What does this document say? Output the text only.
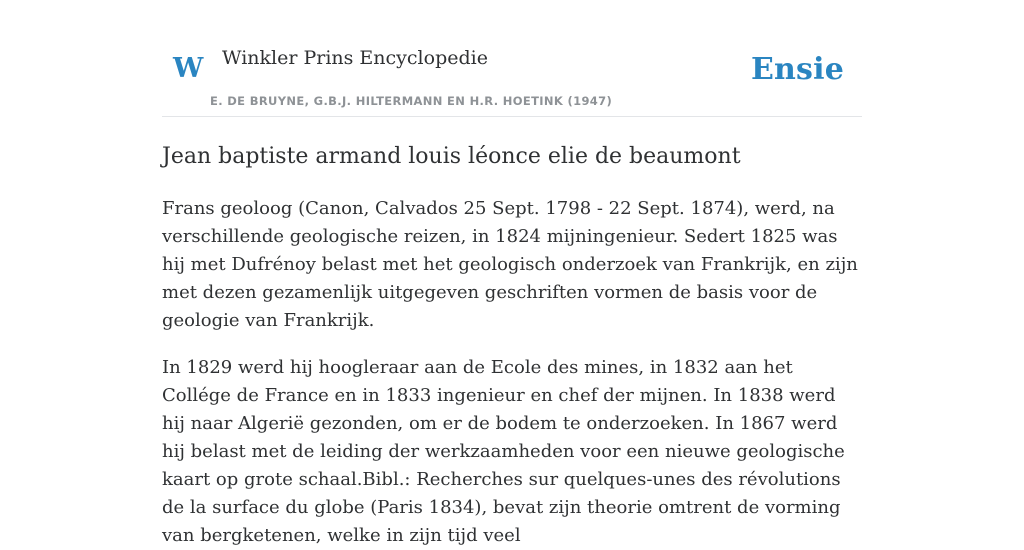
W Winkler Prins Encyclopedie
E. DE BRUYNE, G.B.J. HILTERMANN EN H.R. HOETINK (1947)
Ensie
Jean baptiste armand louis léonce elie de beaumont

Frans geoloog (Canon, Calvados 25 Sept. 1798 - 22 Sept. 1874), werd, na verschillende geologische reizen, in 1824 mijningenieur. Sedert 1825 was hij met Dufrénoy belast met het geologisch onderzoek van Frankrijk, en zijn met dezen gezamenlijk uitgegeven geschriften vormen de basis voor de geologie van Frankrijk.

In 1829 werd hij hoogleraar aan de Ecole des mines, in 1832 aan het Collége de France en in 1833 ingenieur en chef der mijnen. In 1838 werd hij naar Algerië gezonden, om er de bodem te onderzoeken. In 1867 werd hij belast met de leiding der werkzaamheden voor een nieuwe geologische kaart op grote schaal.Bibl.: Recherches sur quelques-unes des révolutions de la surface du globe (Paris 1834), bevat zijn theorie omtrent de vorming van bergketenen, welke in zijn tijd veel
